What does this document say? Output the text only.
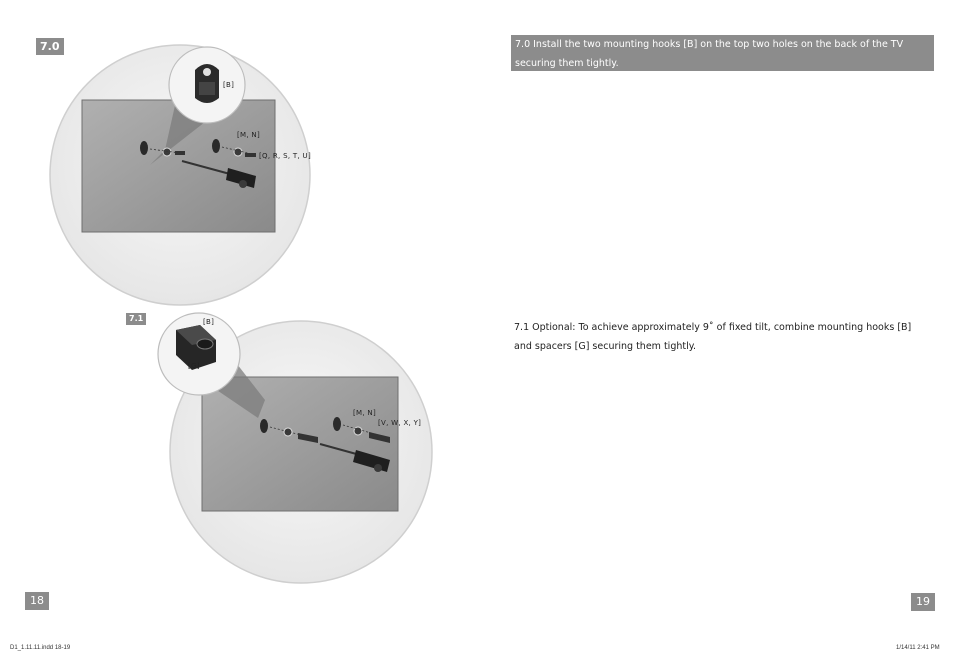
7.0
7.1
[B]
[M, N]
[Q, R, S, T, U]
[B]
[G]
[M, N]
[V, W, X, Y]
18
7.0 Install the two mounting hooks [B] on the top two holes on the back of the TV securing them tightly.
7.1 Optional: To achieve approximately 9˚ of fixed tilt, combine mounting hooks [B] and spacers [G] securing them tightly.
19
D1_1.11.11.indd 18-19	1/14/11 2:41 PM
